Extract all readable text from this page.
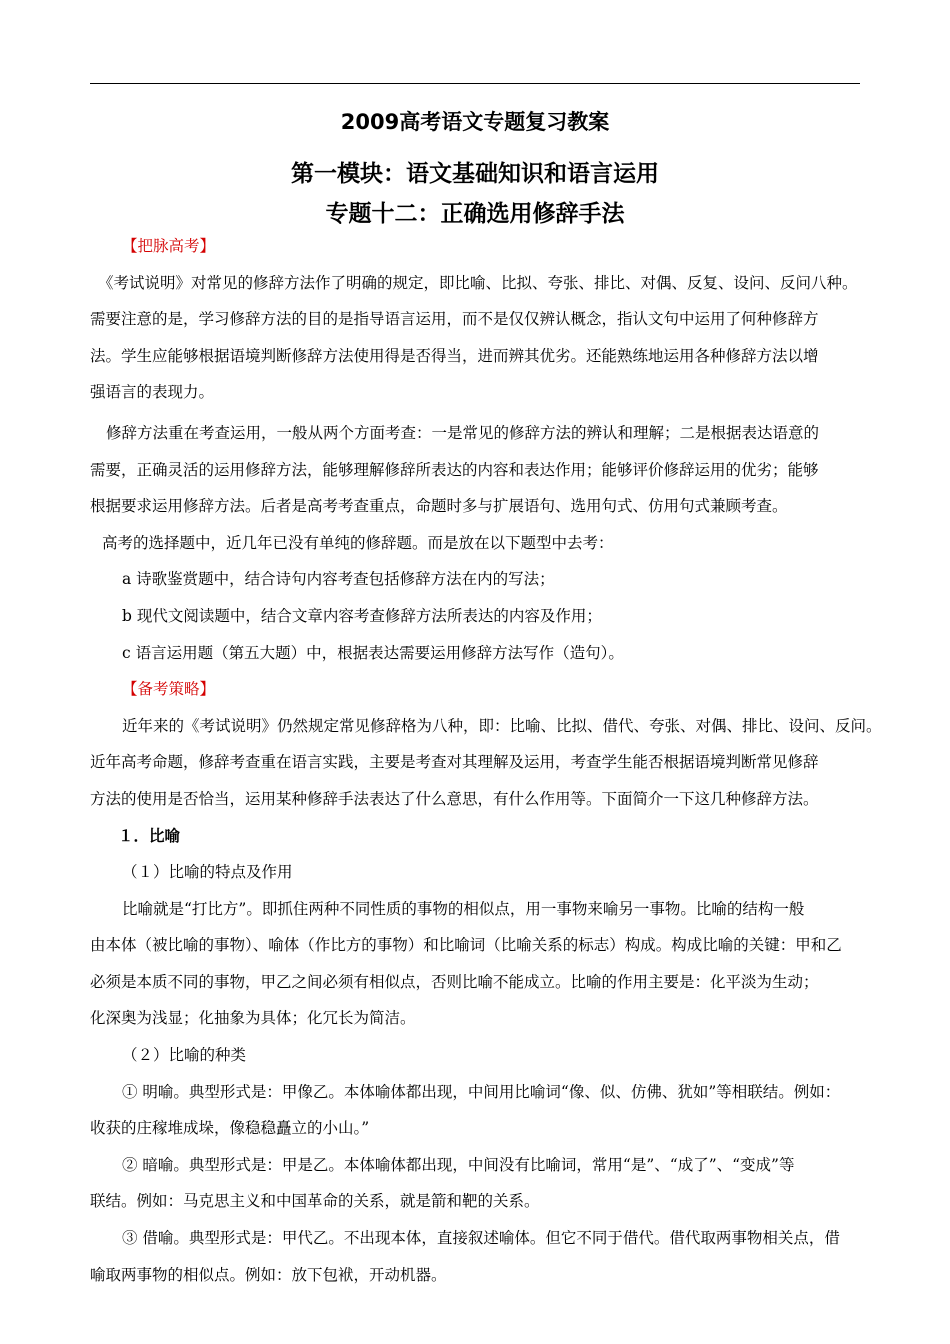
2009高考语文专题复习教案
第一模块：语文基础知识和语言运用
专题十二：正确选用修辞手法

【把脉高考】

《考试说明》对常见的修辞方法作了明确的规定，即比喻、比拟、夸张、排比、对偶、反复、设问、反问八种。

需要注意的是，学习修辞方法的目的是指导语言运用，而不是仅仅辨认概念，指认文句中运用了何种修辞方

法。学生应能够根据语境判断修辞方法使用得是否得当，进而辨其优劣。还能熟练地运用各种修辞方法以增

强语言的表现力。

修辞方法重在考查运用，一般从两个方面考查：一是常见的修辞方法的辨认和理解；二是根据表达语意的

需要，正确灵活的运用修辞方法，能够理解修辞所表达的内容和表达作用；能够评价修辞运用的优劣；能够

根据要求运用修辞方法。后者是高考考查重点，命题时多与扩展语句、选用句式、仿用句式兼顾考查。

高考的选择题中，近几年已没有单纯的修辞题。而是放在以下题型中去考：

a 诗歌鉴赏题中，结合诗句内容考查包括修辞方法在内的写法；

b 现代文阅读题中，结合文章内容考查修辞方法所表达的内容及作用；

c 语言运用题（第五大题）中，根据表达需要运用修辞方法写作（造句）。

【备考策略】

近年来的《考试说明》仍然规定常见修辞格为八种，即：比喻、比拟、借代、夸张、对偶、排比、设问、反问。

近年高考命题，修辞考查重在语言实践，主要是考查对其理解及运用，考查学生能否根据语境判断常见修辞

方法的使用是否恰当，运用某种修辞手法表达了什么意思，有什么作用等。下面简介一下这几种修辞方法。

１．比喻

（１）比喻的特点及作用

比喻就是“打比方”。即抓住两种不同性质的事物的相似点，用一事物来喻另一事物。比喻的结构一般

由本体（被比喻的事物）、喻体（作比方的事物）和比喻词（比喻关系的标志）构成。构成比喻的关键：甲和乙

必须是本质不同的事物，甲乙之间必须有相似点，否则比喻不能成立。比喻的作用主要是：化平淡为生动；

化深奥为浅显；化抽象为具体；化冗长为简洁。

（２）比喻的种类

① 明喻。典型形式是：甲像乙。本体喻体都出现，中间用比喻词“像、似、仿佛、犹如”等相联结。例如：

收获的庄稼堆成垛，像稳稳矗立的小山。”

② 暗喻。典型形式是：甲是乙。本体喻体都出现，中间没有比喻词，常用“是”、“成了”、“变成”等

联结。例如：马克思主义和中国革命的关系，就是箭和靶的关系。

③ 借喻。典型形式是：甲代乙。不出现本体，直接叙述喻体。但它不同于借代。借代取两事物相关点，借

喻取两事物的相似点。例如：放下包袱，开动机器。
